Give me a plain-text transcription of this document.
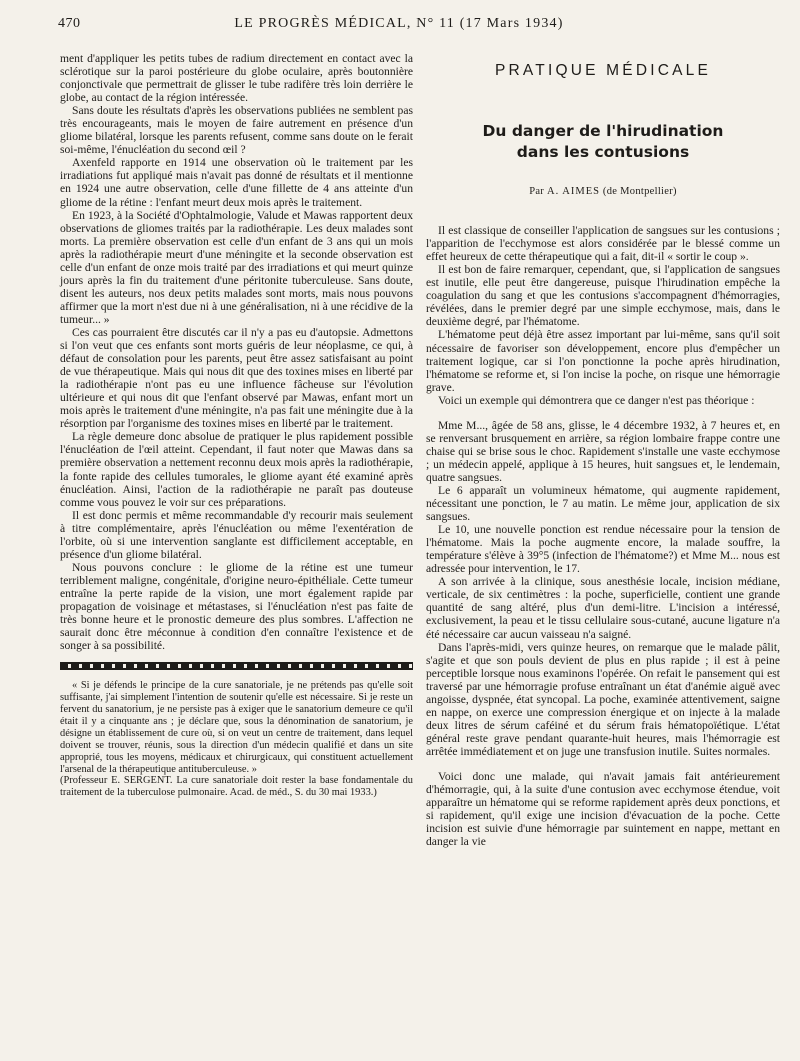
470	LE PROGRÈS MÉDICAL, N° 11 (17 Mars 1934)

ment d'appliquer les petits tubes de radium directement en contact avec la sclérotique sur la paroi postérieure du globe oculaire, après boutonnière conjonctivale que permettrait de glisser le tube radifère très loin derrière le globe, au contact de la région intéressée.

Sans doute les résultats d'après les observations publiées ne semblent pas très encourageants, mais le moyen de faire autrement en présence d'un gliome bilatéral, lorsque les parents refusent, comme sans doute on le ferait soi-même, l'énucléation du second œil ?

Axenfeld rapporte en 1914 une observation où le traitement par les irradiations fut appliqué mais n'avait pas donné de résultats et il mentionne en 1924 une autre observation, celle d'une fillette de 4 ans atteinte d'un gliome de la rétine : l'enfant meurt deux mois après le traitement.

En 1923, à la Société d'Ophtalmologie, Valude et Mawas rapportent deux observations de gliomes traités par la radiothérapie. Les deux malades sont morts. La première observation est celle d'un enfant de 3 ans qui un mois après la radiothérapie meurt d'une méningite et la seconde observation est celle d'un enfant de onze mois traité par des irradiations et qui meurt quinze jours après la fin du traitement d'une péritonite tuberculeuse. Sans doute, disent les auteurs, nos deux petits malades sont morts, mais nous pouvons affirmer que la mort n'est due ni à une généralisation, ni à une récidive de la tumeur... »

Ces cas pourraient être discutés car il n'y a pas eu d'autopsie. Admettons si l'on veut que ces enfants sont morts guéris de leur néoplasme, ce qui, à défaut de consolation pour les parents, peut être assez satisfaisant au point de vue thérapeutique. Mais qui nous dit que des toxines mises en liberté par la radiothérapie n'ont pas eu une influence fâcheuse sur l'évolution ultérieure et qui nous dit que l'enfant observé par Mawas, enfant mort un mois après le traitement d'une méningite, n'a pas fait une méningite due à la résorption par l'organisme des toxines mises en liberté par le traitement.

La règle demeure donc absolue de pratiquer le plus rapidement possible l'énucléation de l'œil atteint. Cependant, il faut noter que Mawas dans sa première observation a nettement reconnu deux mois après la radiothérapie, la fonte rapide des cellules tumorales, le gliome ayant été examiné après énucléation. Ainsi, l'action de la radiothérapie ne paraît pas douteuse comme vous pouvez le voir sur ces préparations.

Il est donc permis et même recommandable d'y recourir mais seulement à titre complémentaire, après l'énucléation ou même l'exentération de l'orbite, où si une intervention sanglante est difficilement acceptable, en présence d'un gliome bilatéral.

Nous pouvons conclure : le gliome de la rétine est une tumeur terriblement maligne, congénitale, d'origine neuro-épithéliale. Cette tumeur entraîne la perte rapide de la vision, une mort également rapide par propagation de voisinage et métastases, si l'énucléation n'est pas faite de très bonne heure et le pronostic demeure des plus sombres. L'affection ne saurait donc être méconnue à condition d'en connaître l'existence et de songer à sa possibilité.

« Si je défends le principe de la cure sanatoriale, je ne prétends pas qu'elle soit suffisante, j'ai simplement l'intention de soutenir qu'elle est nécessaire. Si je reste un fervent du sanatorium, je ne persiste pas à exiger que le sanatorium demeure ce qu'il était il y a cinquante ans ; je déclare que, sous la dénomination de sanatorium, je désigne un établissement de cure où, si on veut un centre de traitement, dans lequel doivent se trouver, réunis, sous la direction d'un médecin qualifié et dans un site approprié, tous les moyens, médicaux et chirurgicaux, qui constituent actuellement l'arsenal de la thérapeutique antituberculeuse. »

(Professeur E. SERGENT. La cure sanatoriale doit rester la base fondamentale du traitement de la tuberculose pulmonaire. Acad. de méd., S. du 30 mai 1933.)

PRATIQUE MÉDICALE
Du danger de l'hirudination
dans les contusions
Par A. AIMES (de Montpellier)

Il est classique de conseiller l'application de sangsues sur les contusions ; l'apparition de l'ecchymose est alors considérée par le blessé comme un effet heureux de cette thérapeutique qui a fait, dit-il « sortir le coup ».

Il est bon de faire remarquer, cependant, que, si l'application de sangsues est inutile, elle peut être dangereuse, puisque l'hirudination empêche la coagulation du sang et que les contusions s'accompagnent d'hémorragies, révélées, dans le premier degré par une simple ecchymose, mais, dans le deuxième degré, par l'hématome.

L'hématome peut déjà être assez important par lui-même, sans qu'il soit nécessaire de favoriser son développement, encore plus d'empêcher un traitement logique, car si l'on ponctionne la poche après hirudination, l'hématome se reforme et, si l'on incise la poche, on risque une hémorragie grave.

Voici un exemple qui démontrera que ce danger n'est pas théorique :

Mme M..., âgée de 58 ans, glisse, le 4 décembre 1932, à 7 heures et, en se renversant brusquement en arrière, sa région lombaire frappe contre une chaise qui se brise sous le choc. Rapidement s'installe une vaste ecchymose ; un médecin appelé, applique à 15 heures, huit sangsues et, le lendemain, quatre sangsues.

Le 6 apparaît un volumineux hématome, qui augmente rapidement, nécessitant une ponction, le 7 au matin. Le même jour, application de six sangsues.

Le 10, une nouvelle ponction est rendue nécessaire pour la tension de l'hématome. Mais la poche augmente encore, la malade souffre, la température s'élève à 39°5 (infection de l'hématome?) et Mme M... nous est adressée pour intervention, le 17.

A son arrivée à la clinique, sous anesthésie locale, incision médiane, verticale, de six centimètres : la poche, superficielle, contient une grande quantité de sang altéré, plus d'un demi-litre. L'incision a intéressé, exclusivement, la peau et le tissu cellulaire sous-cutané, aucune ligature n'a été nécessaire car aucun vaisseau n'a saigné.

Dans l'après-midi, vers quinze heures, on remarque que le malade pâlit, s'agite et que son pouls devient de plus en plus rapide ; il est à peine perceptible lorsque nous examinons l'opérée. On refait le pansement qui est traversé par une hémorragie profuse entraînant un état d'anémie aiguë avec angoisse, dyspnée, état syncopal. La poche, examinée attentivement, saigne en nappe, on exerce une compression énergique et on injecte à la malade deux litres de sérum caféiné et du sérum frais hématopoïétique. L'état général reste grave pendant quarante-huit heures, mais l'hémorragie est arrêtée immédiatement et on juge une transfusion inutile. Suites normales.

Voici donc une malade, qui n'avait jamais fait antérieurement d'hémorragie, qui, à la suite d'une contusion avec ecchymose étendue, voit apparaître un hématome qui se reforme rapidement après deux ponctions, et si rapidement, qu'il exige une incision d'évacuation de la poche. Cette incision est suivie d'une hémorragie par suintement en nappe, mettant en danger la vie
